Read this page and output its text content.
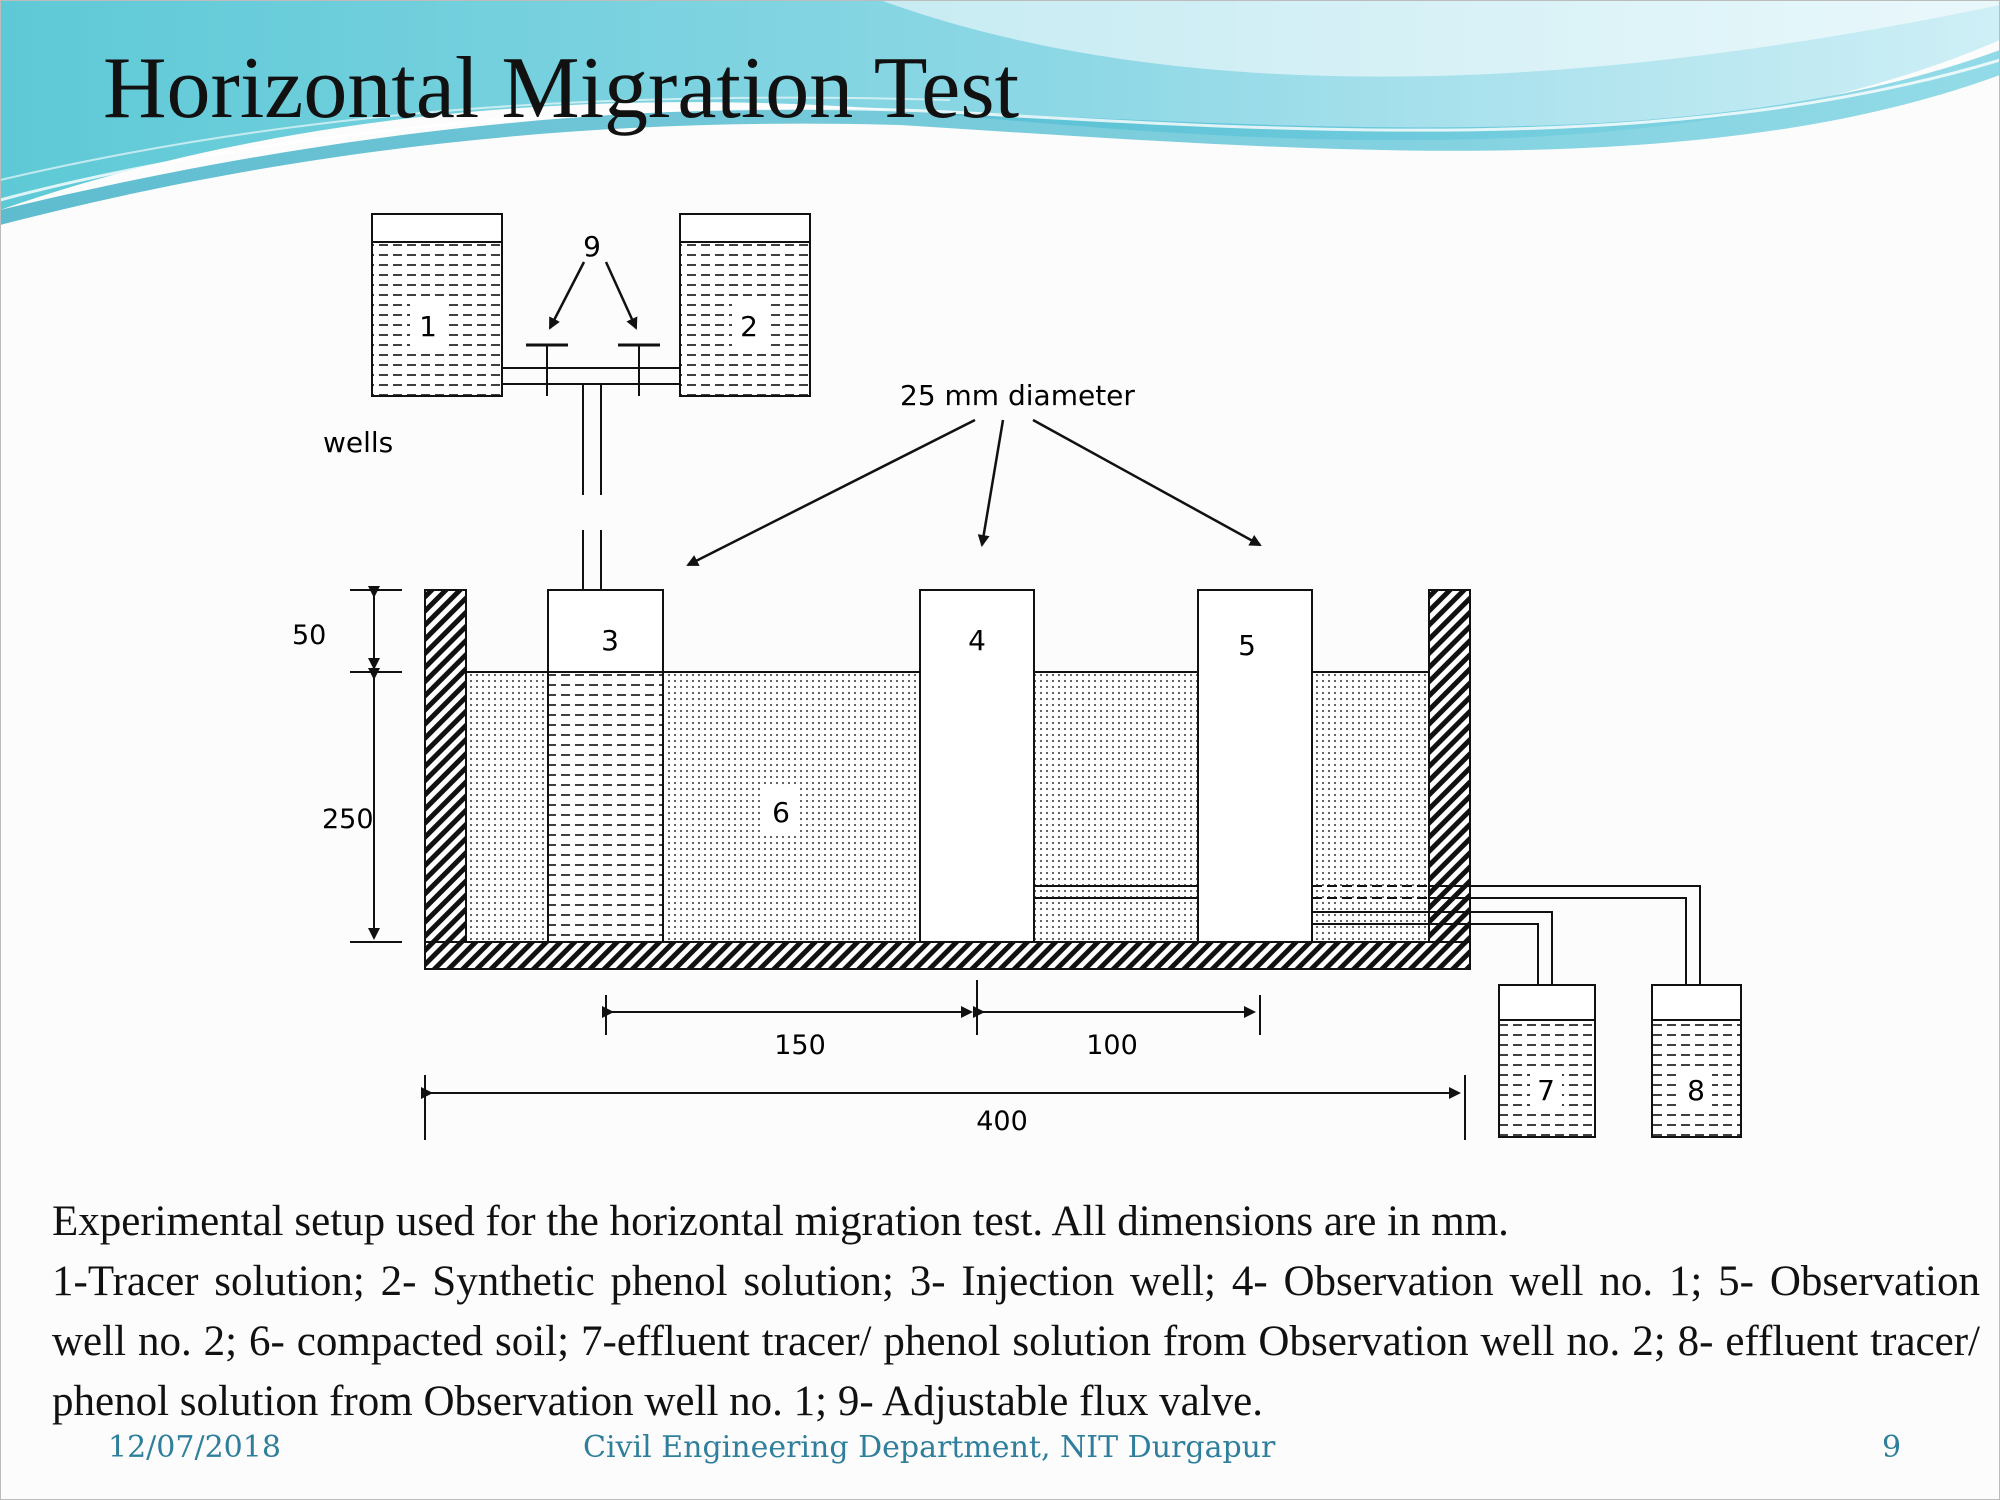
Horizontal Migration Test
1	2
3	4	5
6
7	8
9
wells
25 mm diameter
50
250
150	100
400

Experimental setup used for the horizontal migration test. All dimensions are in mm.

1-Tracer solution; 2- Synthetic phenol solution; 3- Injection well; 4- Observation well no. 1; 5- Observation well no. 2; 6- compacted soil; 7-effluent tracer/ phenol solution from Observation well no. 2; 8- effluent tracer/ phenol solution from Observation well no. 1; 9- Adjustable flux valve.

12/07/2018	Civil Engineering Department, NIT Durgapur	9
